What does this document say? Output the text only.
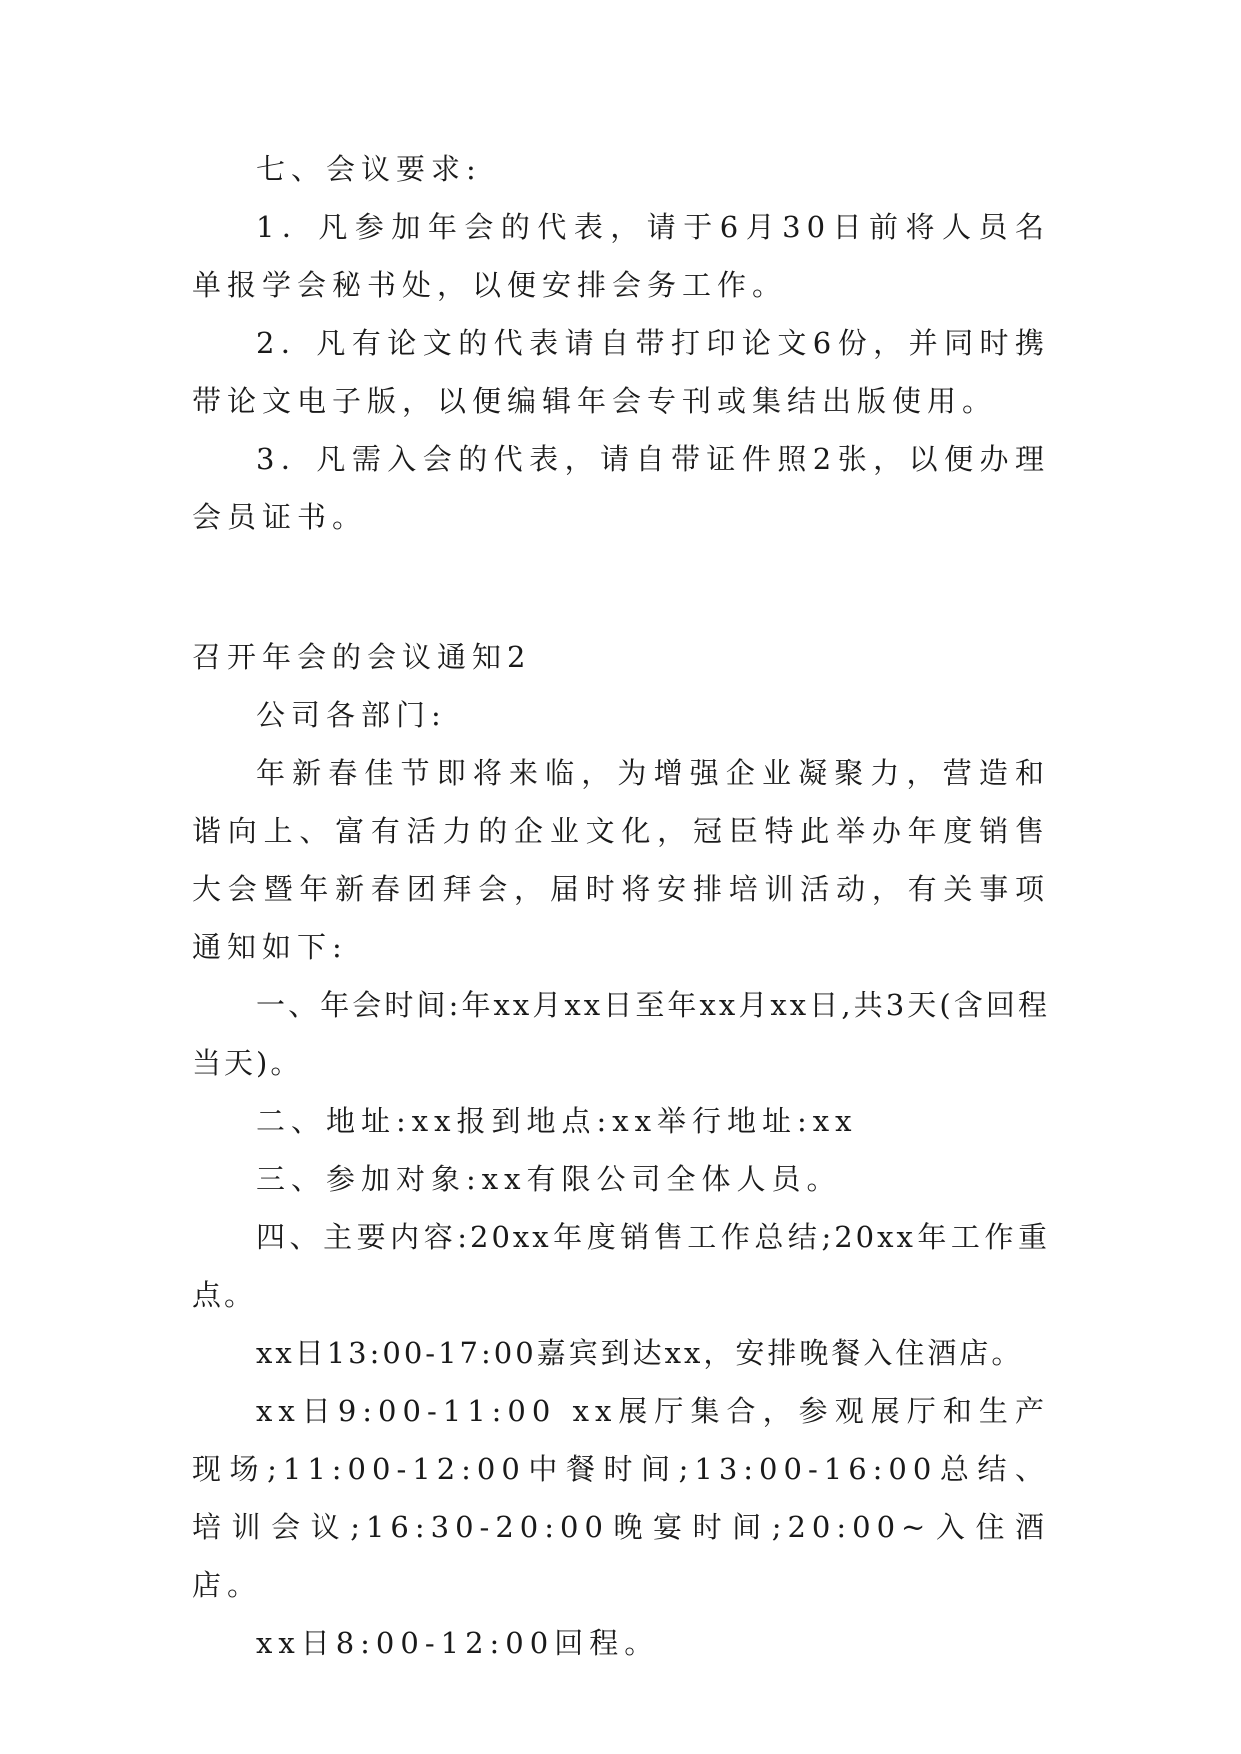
七、会议要求:

1．凡参加年会的代表，请于6月30日前将人员名单报学会秘书处，以便安排会务工作。

2．凡有论文的代表请自带打印论文6份，并同时携带论文电子版，以便编辑年会专刊或集结出版使用。

3．凡需入会的代表，请自带证件照2张，以便办理会员证书。

召开年会的会议通知2

公司各部门:

年新春佳节即将来临，为增强企业凝聚力，营造和谐向上、富有活力的企业文化，冠臣特此举办年度销售大会暨年新春团拜会，届时将安排培训活动，有关事项通知如下:

一、年会时间:年xx月xx日至年xx月xx日,共3天(含回程当天)。

二、地址:xx报到地点:xx举行地址:xx

三、参加对象:xx有限公司全体人员。

四、主要内容:20xx年度销售工作总结;20xx年工作重点。

xx日13:00-17:00嘉宾到达xx，安排晚餐入住酒店。

xx日9:00-11:00 xx展厅集合，参观展厅和生产现场;11:00-12:00中餐时间;13:00-16:00总结、培训会议;16:30-20:00晚宴时间;20:00~入住酒店。

xx日8:00-12:00回程。
